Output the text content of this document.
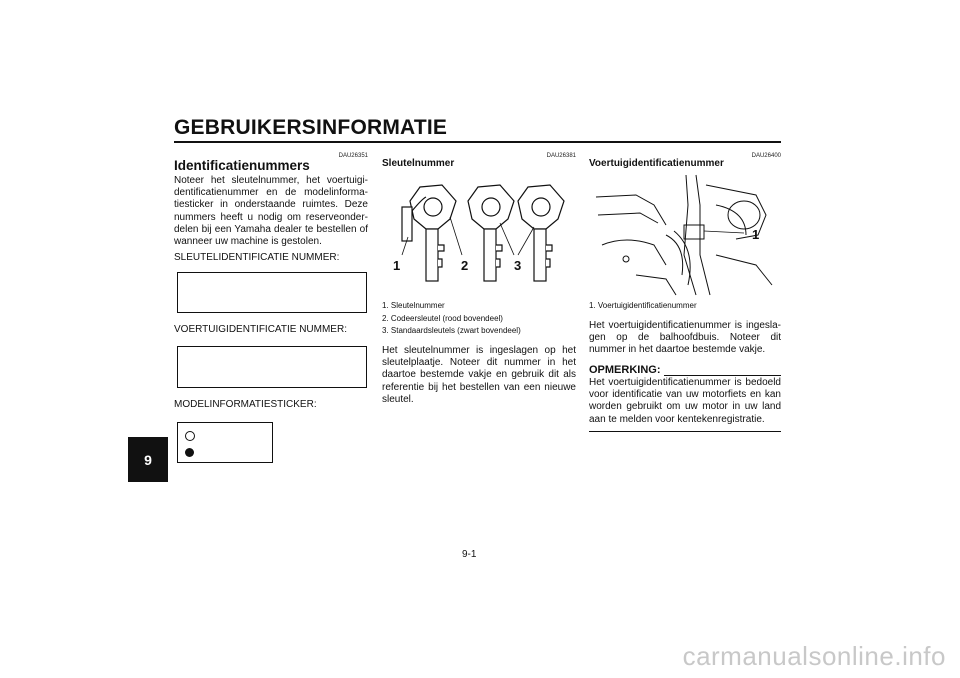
GEBRUIKERSINFORMATIE
9
DAU26351
Identificatienummers
Noteer het sleutelnummer, het voertuigi-dentificatienummer en de modelinforma-tiesticker in onderstaande ruimtes. Deze nummers heeft u nodig om reserveonder-delen bij een Yamaha dealer te bestellen of wanneer uw machine is gestolen.
SLEUTELIDENTIFICATIE NUMMER:
VOERTUIGIDENTIFICATIE NUMMER:
MODELINFORMATIESTICKER:
DAU26381
Sleutelnummer
1	2	3
1. Sleutelnummer
2. Codeersleutel (rood bovendeel)
3. Standaardsleutels (zwart bovendeel)
Het sleutelnummer is ingeslagen op het sleutelplaatje. Noteer dit nummer in het daartoe bestemde vakje en gebruik dit als referentie bij het bestellen van een nieuwe sleutel.
DAU26400
Voertuigidentificatienummer
1
1. Voertuigidentificatienummer
Het voertuigidentificatienummer is ingesla-gen op de balhoofdbuis. Noteer dit nummer in het daartoe bestemde vakje.
OPMERKING:
Het voertuigidentificatienummer is bedoeld voor identificatie van uw motorfiets en kan worden gebruikt om uw motor in uw land aan te melden voor kentekenregistratie.
9-1
carmanualsonline.info
